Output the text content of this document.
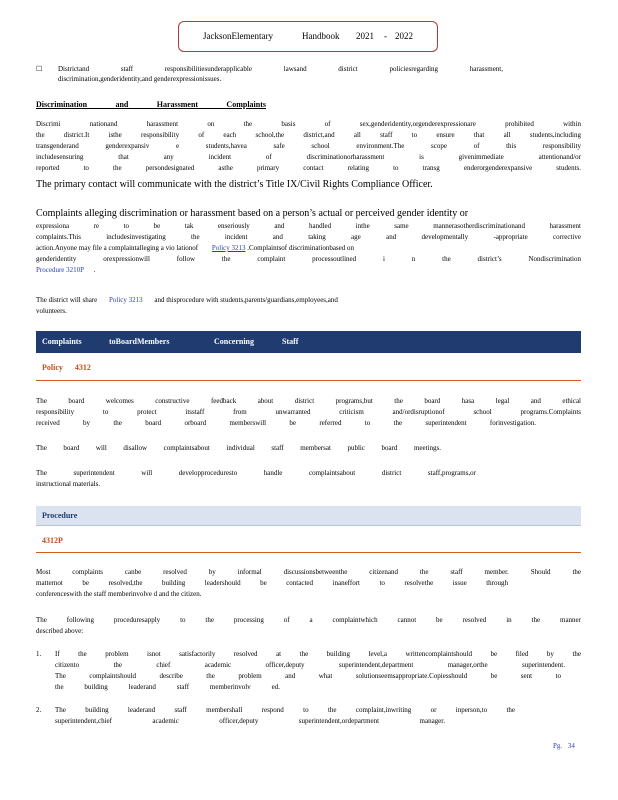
JacksonElementary	Handbook 2021 - 2022
☐ Districtand staff responsibilitiesunderapplicable lawsand district policiesregarding harassment,
discrimination,genderidentity,and genderexpressionissues.
Discrimination and Harassment Complaints
Discrimi nationand harassment on the basis of sex,genderidentity,orgenderexpressionare prohibited within
the district.It isthe responsibility of each school,the district,and all staff to ensure that all students,including
transgenderand genderexpansiv e students,havea safe school environment.The scope of this responsibility
includesensuring that any incident of discriminationorharassment is givenimmediate attentionand/or
reported to the persondesignated asthe primary contact relating to transg enderorgenderexpansive students.
The primary contact will communicate with the district’s Title IX/Civil Rights Compliance Officer.
Complaints alleging discrimination or harassment based on a person’s actual or perceived gender identity or
expressiona re to be tak enseriously and handled inthe same mannerasotherdiscriminationand harassment
complaints.This includesinvestigating the incident and taking age and developmentally -appropriate corrective
action.Anyone may file a complaintalleging a vio lationof Policy 3213 .Complaintsof discriminationbased on
genderidentity orexpressionwill follow the complaint processoutlined i n the district’s Nondiscrimination
Procedure 3210P .
The district will share Policy 3213 and thisprocedure with students,parents/guardians,employees,and
volunteers.
Complaints	toBoardMembers	Concerning	Staff
Policy 4312
The board welcomes constructive feedback about district programs,but the board hasa legal and ethical
responsibility to protect itsstaff from unwarranted criticism and/ordisruptionof school programs.Complaints
received by the board orboard memberswill be referred to the superintendent forinvestigation.
The board will disallow complaintsabout individual staff membersat public board meetings.
The superintendent will developproceduresto handle complaintsabout district staff,programs,or
instructional materials.
Procedure
4312P
Most complaints canbe resolved by informal discussionsbetweenthe citizenand the staff member. Should the
matternot be resolved,the building leadershould be contacted inaneffort to resolvethe issue through
conferenceswith the staff memberinvolve d and the citizen.
The following proceduresapply to the processing of a complaintwhich cannot be resolved in the manner
described above:
1. If the problem isnot satisfactorily resolved at the building level,a writtencomplaintshould be filed by the
citizento the chief academic officer,deputy superintendent,department manager,orthe superintendent.
The complaintshould describe the problem and what solutionseemsappropriate.Copiesshould be sent to
the building leaderand staff memberinvolv ed.
2. The building leaderand staff membershall respond to the complaint,inwriting or inperson,to the
superintendent,chief academic officer,deputy superintendent,ordepartment manager.
Pg. 34
